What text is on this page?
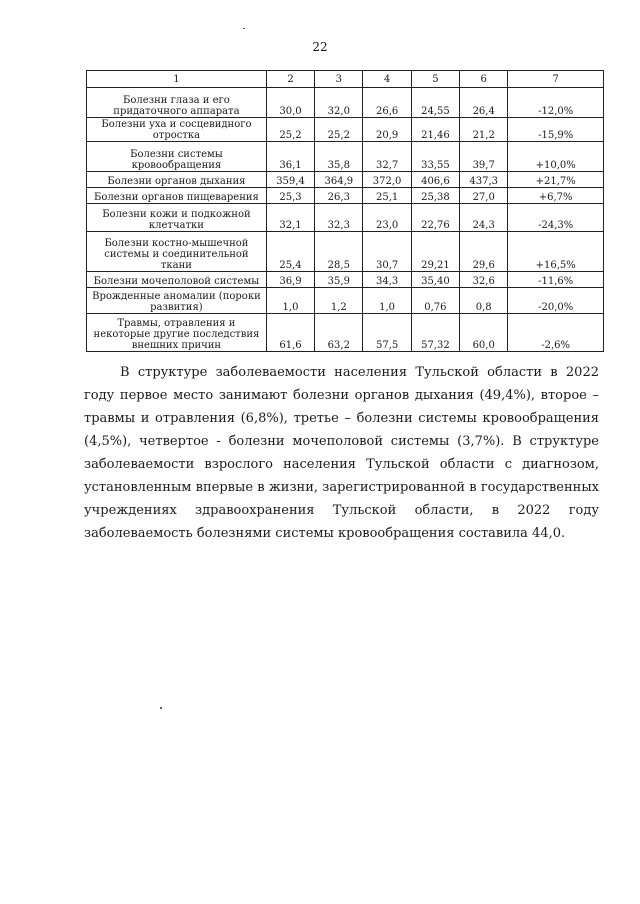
22
1	2	3	4	5	6	7
Болезни глаза и его придаточного аппарата	30,0	32,0	26,6	24,55	26,4	-12,0%
Болезни уха и сосцевидного отростка	25,2	25,2	20,9	21,46	21,2	-15,9%
Болезни системы кровообращения	36,1	35,8	32,7	33,55	39,7	+10,0%
Болезни органов дыхания	359,4	364,9	372,0	406,6	437,3	+21,7%
Болезни органов пищеварения	25,3	26,3	25,1	25,38	27,0	+6,7%
Болезни кожи и подкожной клетчатки	32,1	32,3	23,0	22,76	24,3	-24,3%
Болезни костно-мышечной системы и соединительной ткани	25,4	28,5	30,7	29,21	29,6	+16,5%
Болезни мочеполовой системы	36,9	35,9	34,3	35,40	32,6	-11,6%
Врожденные аномалии (пороки развития)	1,0	1,2	1,0	0,76	0,8	-20,0%
Травмы, отравления и некоторые другие последствия внешних причин	61,6	63,2	57,5	57,32	60,0	-2,6%

В структуре заболеваемости населения Тульской области в 2022 году первое место занимают болезни органов дыхания (49,4%), второе – травмы и отравления (6,8%), третье – болезни системы кровообращения (4,5%), четвертое - болезни мочеполовой системы (3,7%). В структуре заболеваемости взрослого населения Тульской области с диагнозом, установленным впервые в жизни, зарегистрированной в государственных учреждениях здравоохранения Тульской области, в 2022 году заболеваемость болезнями системы кровообращения составила 44,0.
